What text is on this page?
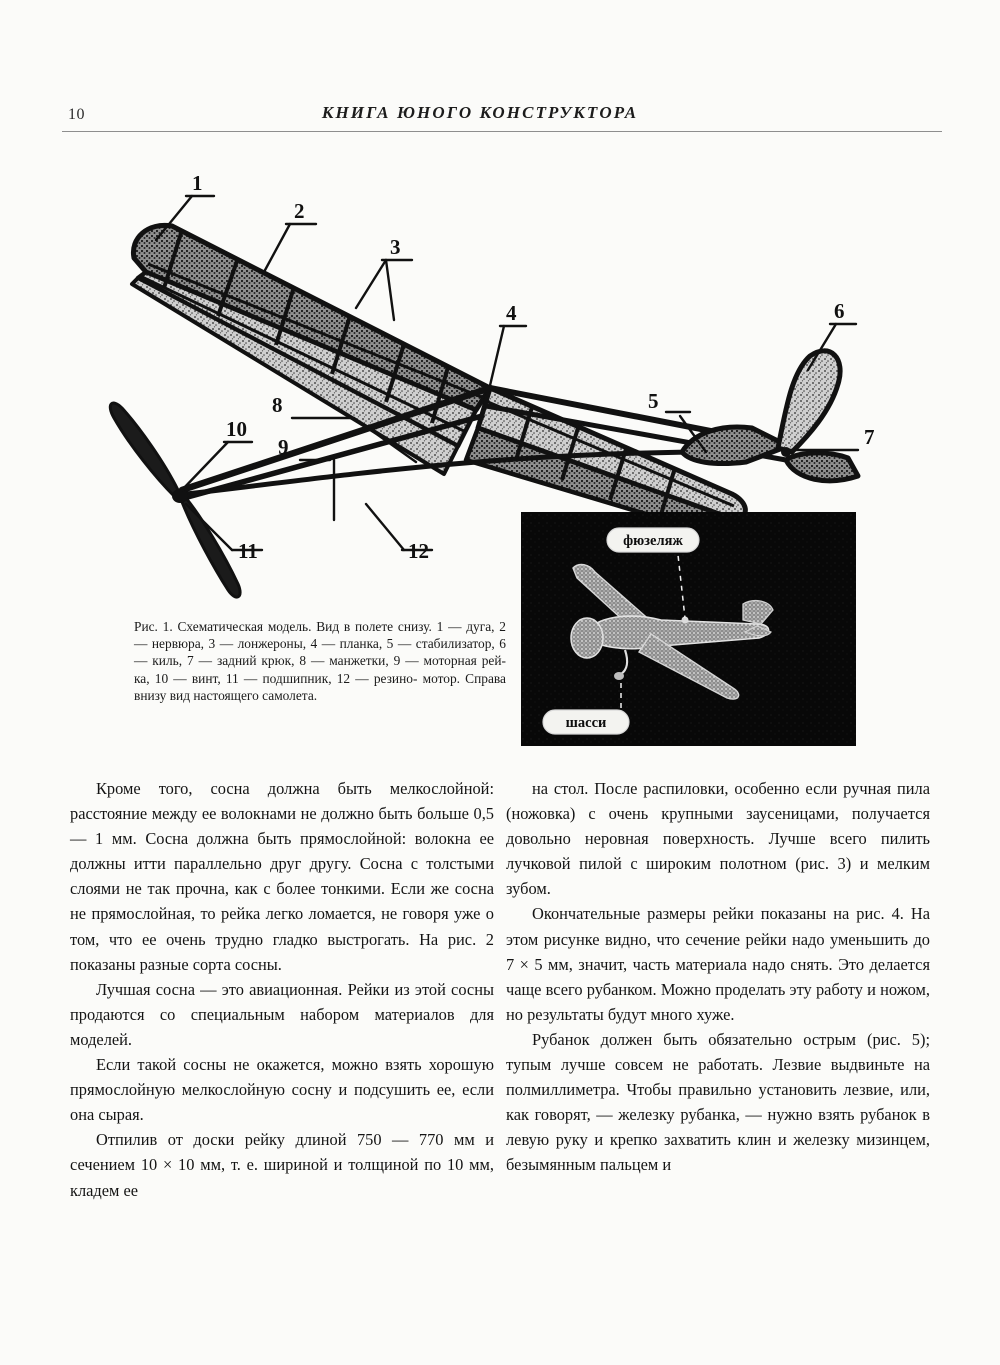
10	КНИГА ЮНОГО КОНСТРУКТОРА
1
2
3
4
5
6
7
8
9
10
11	12	фюзеляж
шасси
Рис. 1. Схематическая модель. Вид в полете снизу. 1 — дуга, 2 — нервюра, 3 — лонжероны, 4 — планка, 5 — стабилизатор, 6 — киль, 7 — задний крюк, 8 — манжетки, 9 — моторная рей- ка, 10 — винт, 11 — подшипник, 12 — резино- мотор. Справа внизу вид настоящего самолета.

Кроме того, сосна должна быть мелкослойной: расстояние между ее волокнами не должно быть больше 0,5 — 1 мм. Сосна должна быть прямослойной: волокна ее должны итти параллельно друг другу. Сосна с толстыми слоями не так прочна, как с более тонкими. Если же сосна не прямослойная, то рейка легко ломается, не говоря уже о том, что ее очень трудно гладко выстрогать. На рис. 2 показаны разные сорта сосны.

Лучшая сосна — это авиационная. Рейки из этой сосны продаются со специальным набором материалов для моделей.

Если такой сосны не окажется, можно взять хорошую прямослойную мелкослойную сосну и подсушить ее, если она сырая.

Отпилив от доски рейку длиной 750 — 770 мм и сечением 10 × 10 мм, т. е. шириной и толщиной по 10 мм, кладем ее

на стол. После распиловки, особенно если ручная пила (ножовка) с очень крупными заусеницами, получается довольно неровная поверхность. Лучше всего пилить лучковой пилой с широким полотном (рис. 3) и мелким зубом.

Окончательные размеры рейки показаны на рис. 4. На этом рисунке видно, что сечение рейки надо уменьшить до 7 × 5 мм, значит, часть материала надо снять. Это делается чаще всего рубанком. Можно проделать эту работу и ножом, но результаты будут много хуже.

Рубанок должен быть обязательно острым (рис. 5); тупым лучше совсем не работать. Лезвие выдвиньте на полмиллиметра. Чтобы правильно установить лезвие, или, как говорят, — железку рубанка, — нужно взять рубанок в левую руку и крепко захватить клин и железку мизинцем, безымянным пальцем и
